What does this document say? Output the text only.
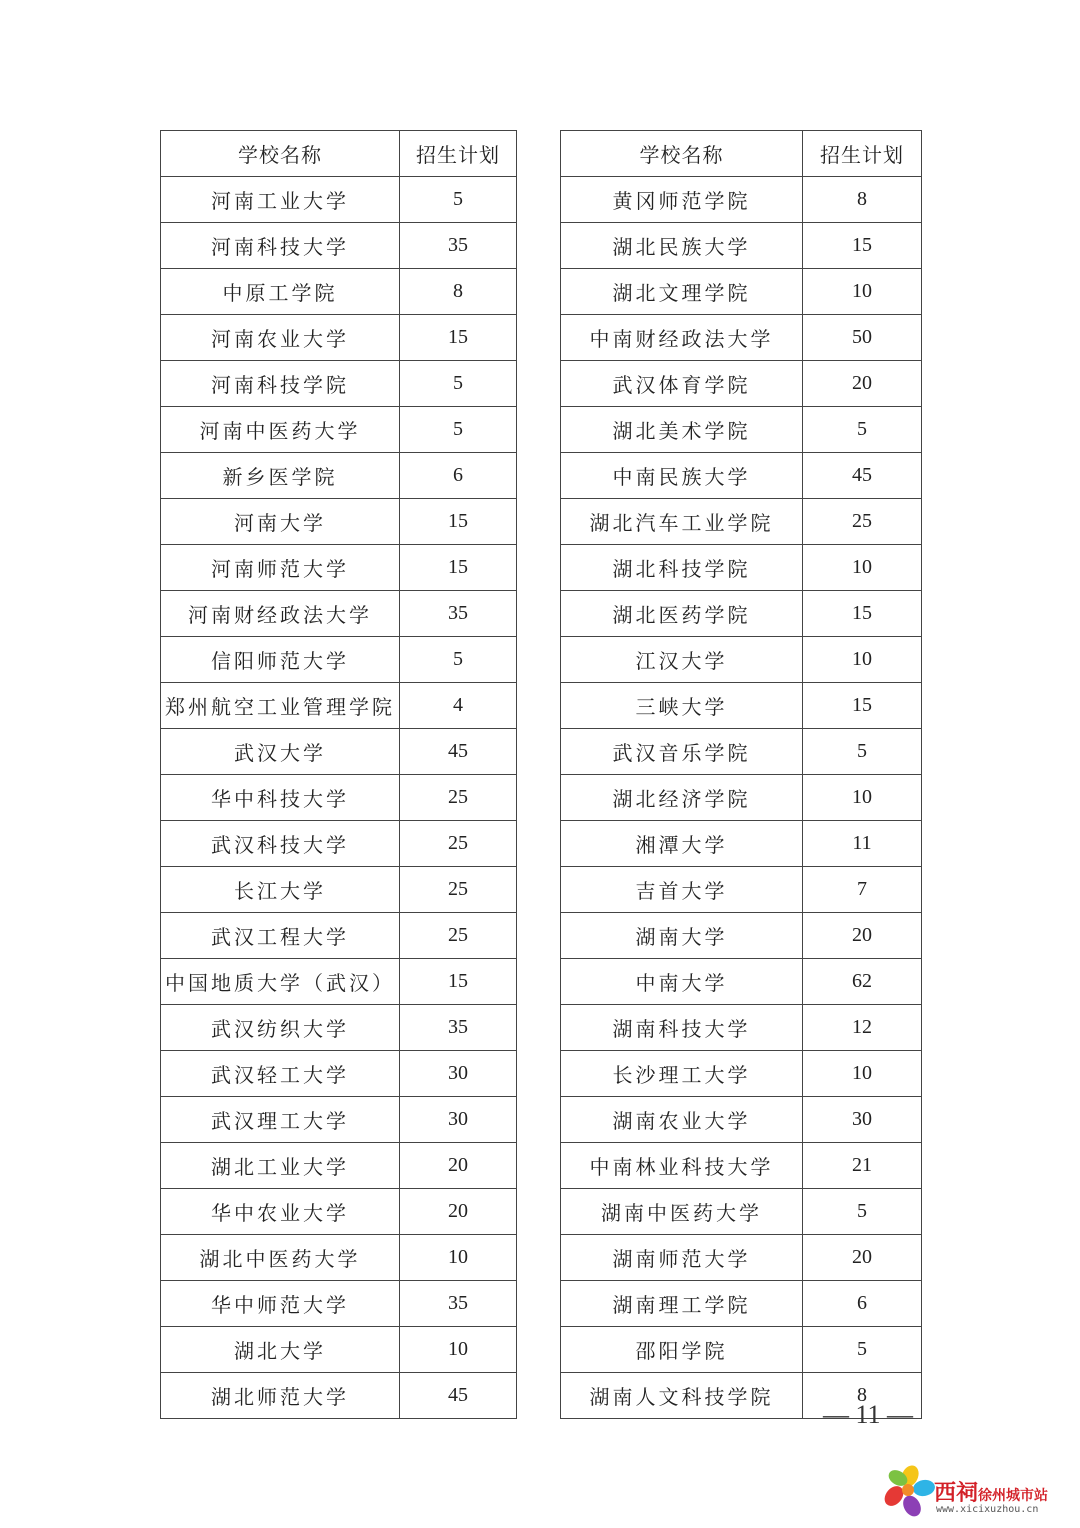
学校名称	招生计划
河南工业大学	5
河南科技大学	35
中原工学院	8
河南农业大学	15
河南科技学院	5
河南中医药大学	5
新乡医学院	6
河南大学	15
河南师范大学	15
河南财经政法大学	35
信阳师范大学	5
郑州航空工业管理学院	4
武汉大学	45
华中科技大学	25
武汉科技大学	25
长江大学	25
武汉工程大学	25
中国地质大学（武汉）	15
武汉纺织大学	35
武汉轻工大学	30
武汉理工大学	30
湖北工业大学	20
华中农业大学	20
湖北中医药大学	10
华中师范大学	35
湖北大学	10
湖北师范大学	45
学校名称	招生计划
黄冈师范学院	8
湖北民族大学	15
湖北文理学院	10
中南财经政法大学	50
武汉体育学院	20
湖北美术学院	5
中南民族大学	45
湖北汽车工业学院	25
湖北科技学院	10
湖北医药学院	15
江汉大学	10
三峡大学	15
武汉音乐学院	5
湖北经济学院	10
湘潭大学	11
吉首大学	7
湖南大学	20
中南大学	62
湖南科技大学	12
长沙理工大学	10
湖南农业大学	30
中南林业科技大学	21
湖南中医药大学	5
湖南师范大学	20
湖南理工学院	6
邵阳学院	5
湖南人文科技学院	8
— 11 —
西祠徐州城市站
www.xicixuzhou.cn
